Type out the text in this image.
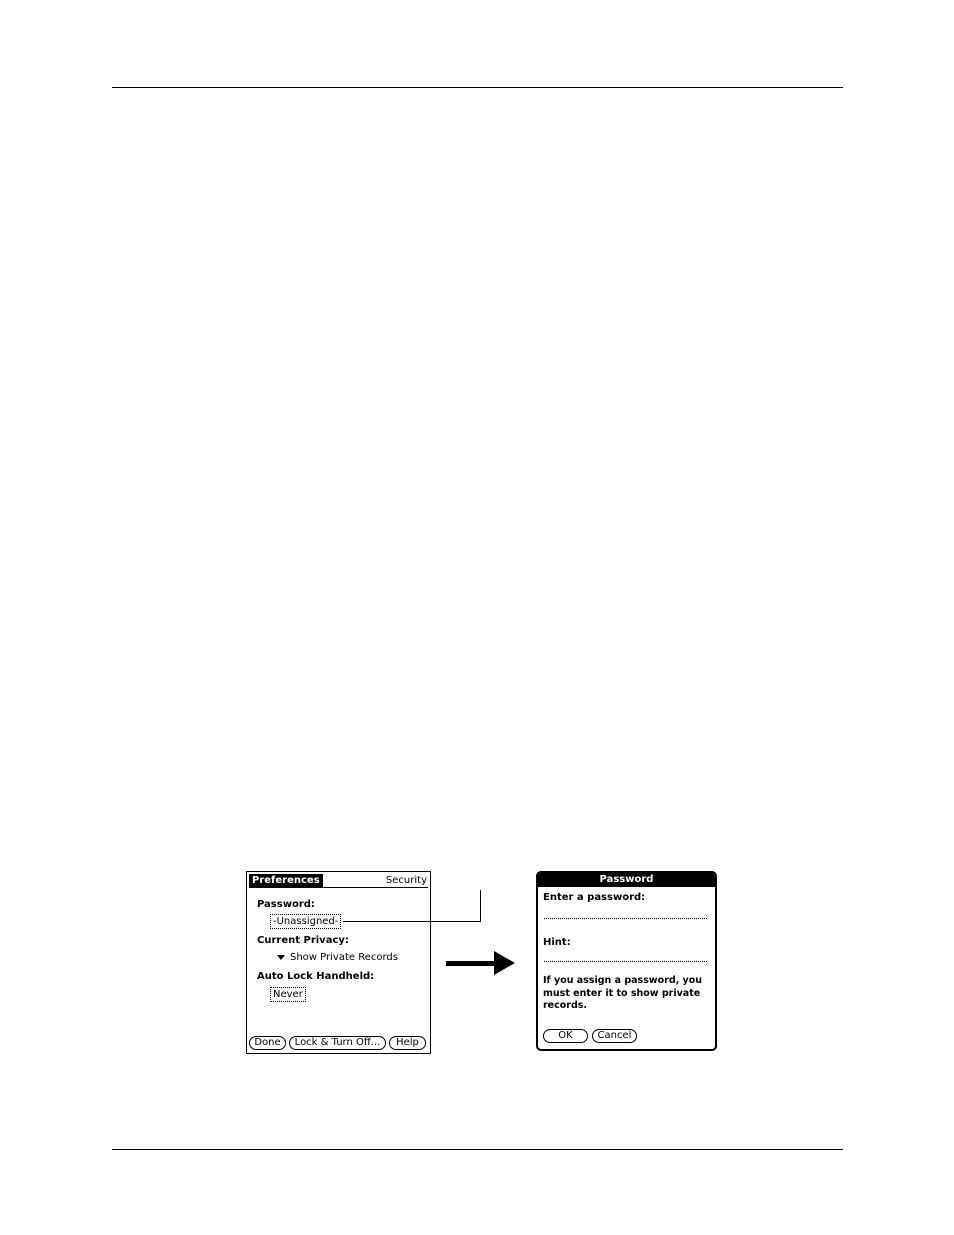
Preferences	Security
Password:
-Unassigned-
Current Privacy:
Show Private Records
Auto Lock Handheld:
Never
Done	Lock & Turn Off...	Help
Password
Enter a password:
Hint:
If you assign a password, you must enter it to show private records.
OK	Cancel
